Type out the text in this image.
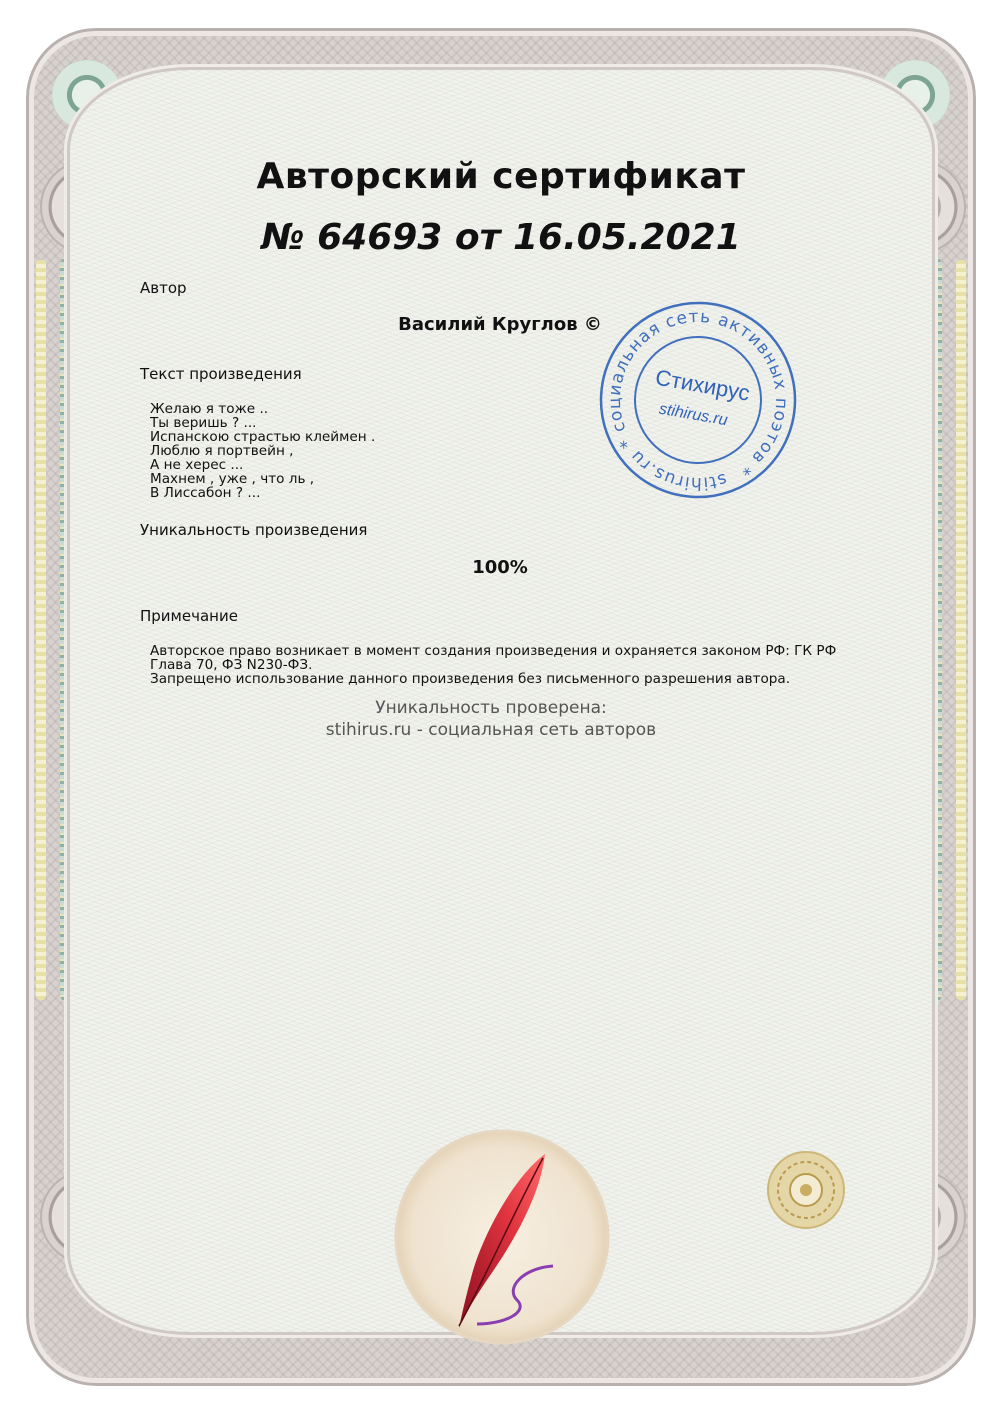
Авторский сертификат
№ 64693 от 16.05.2021
Автор
Василий Круглов ©
Текст произведения
Желаю я тоже ..
Ты веришь ? ...
Испанскою страстью клеймен .
Люблю я портвейн ,
А не херес ...
Махнем , уже , что ль ,
В Лиссабон ? ...
Уникальность произведения
100%
Примечание
Авторское право возникает в момент создания произведения и охраняется законом РФ: ГК РФ Глава 70, ФЗ N230-ФЗ.
Запрещено использование данного произведения без письменного разрешения автора.
Уникальность проверена:
stihirus.ru - социальная сеть авторов
stihirus.ru * социальная сеть активных поэтов *
Стихирус
stihirus.ru
